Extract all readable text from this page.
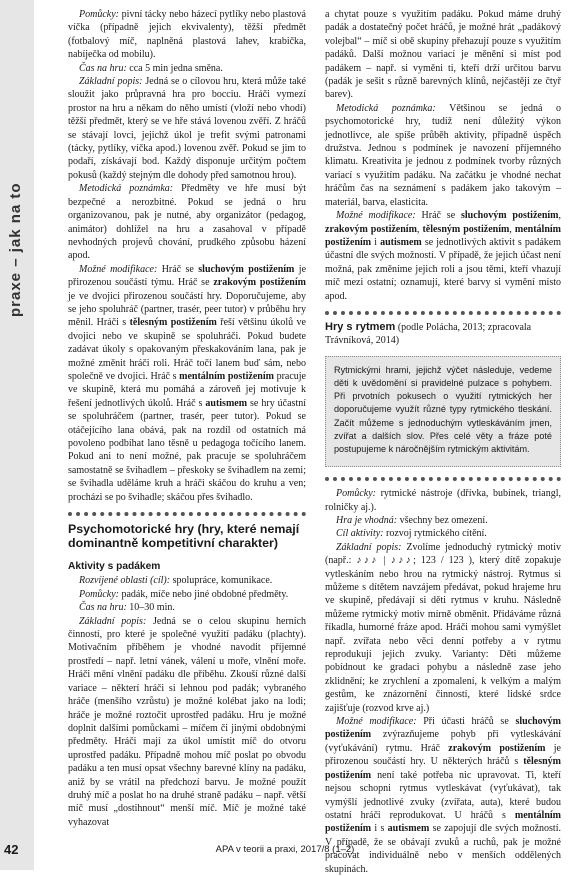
praxe – jak na to

Pomůcky: pivní tácky nebo házecí pytlíky nebo plastová víčka (případně jejich ekvivalenty), těžší předmět (fotbalový míč, naplněná plastová lahev, krabička, nabíječka od mobilu).

Čas na hru: cca 5 min jedna směna.

Základní popis: Jedná se o cílovou hru, která může také sloužit jako průpravná hra pro bocciu. Hráči vymezí prostor na hru a někam do něho umístí (vloží nebo vhodí) těžší předmět, který se ve hře stává lovenou zvěří. Z hráčů se stávají lovci, jejichž úkol je trefit svými patronami (tácky, pytlíky, víčka apod.) lovenou zvěř. Pokud se jim to podaří, získávají bod. Každý disponuje určitým počtem pokusů (každý stejným dle dohody před samotnou hrou).

Metodická poznámka: Předměty ve hře musí být bezpečné a nerozbitné. Pokud se jedná o hru organizovanou, pak je nutné, aby organizátor (pedagog, animátor) dohlížel na hru a zasahoval v případě nevhodných projevů chování, prudkého způsobu házení apod.

Možné modifikace: Hráč se sluchovým postižením je přirozenou součástí týmu. Hráč se zrakovým postižením je ve dvojici přirozenou součástí hry. Doporučujeme, aby se jeho spoluhráč (partner, trasér, peer tutor) v průběhu hry měnil. Hráči s tělesným postižením řeší většinu úkolů ve dvojici nebo ve skupině se spoluhráči. Pokud budete zadávat úkoly s opakovaným přeskakováním lana, pak je možné změnit hráči roli. Hráč točí lanem buď sám, nebo společně ve dvojici. Hráč s mentálním postižením pracuje ve skupině, která mu pomáhá a zároveň jej motivuje k řešení jednotlivých úkolů. Hráč s autismem se hry účastní se spoluhráčem (partner, trasér, peer tutor). Pokud se otáčejícího lana obává, pak na rozdíl od ostatních má povoleno podbíhat lano těsně u pedagoga točícího lanem. Pokud ani to není možné, pak pracuje se spoluhráčem samostatně se švihadlem – přeskoky se švihadlem na zemi; se švihadla uděláme kruh a hráči skáčou do kruhu a ven; procházi se po švihadle; skáčou přes švihadlo.

Psychomotorické hry (hry, které nemají dominantně kompetitivní charakter)
Aktivity s padákem

Rozvíjené oblasti (cíl): spolupráce, komunikace.

Pomůcky: padák, míče nebo jiné obdobné předměty.

Čas na hru: 10–30 min.

Základní popis: Jedná se o celou skupinu herních činností, pro které je společné využití padáku (plachty). Motivačním příběhem je vhodné navodit příjemné prostředí – např. letní vánek, válení u moře, vlnění moře. Hráči mění vlnění padáku dle příběhu. Zkouší různé další variace – některí hráči si lehnou pod padák; vybraného hráče (menšího vzrůstu) je možné kolébat jako na lodi; hráče je možné roztočit uprostřed padáku. Hru je možné doplnit dalšími pomůckami – míčem či jinými obdobnými předměty. Hráči mají za úkol umístit míč do otvoru uprostřed padáku. Případně mohou míč poslat po obvodu padáku a ten musí opsat všechny barevné klíny na padáku, aniž by se vrátil na předchozí barvu. Je možné použít druhý míč a poslat ho na druhé straně padáku – např. větší míč musí „dostihnout“ menší míč. Míč je možné také vyhazovat

a chytat pouze s využitím padáku. Pokud máme druhý padák a dostatečný počet hráčů, je možné hrát „padákový volejbal“ – míč si obě skupiny přehazují pouze s využitím padáků. Další možnou variací je měnění si míst pod padákem – např. si vyměni ti, kteří drží určitou barvu (padák je sešit s různě barevných klínů, nejčastěji ze čtyř barev).

Metodická poznámka: Většinou se jedná o psychomotorické hry, tudíž není důležitý výkon jednotlivce, ale spíše průběh aktivity, případně úspěch družstva. Jednou s podmínek je navození příjemného klimatu. Kreativita je jednou z podmínek tvorby různých variací s využitím padáku. Na začátku je vhodné nechat hráčům čas na seznámení s padákem jako takovým – materiál, barva, elasticita.

Možné modifikace: Hráč se sluchovým postižením, zrakovým postižením, tělesným postižením, mentálním postižením i autismem se jednotlivých aktivit s padákem účastní dle svých možností. V případě, že jejich účast není možná, pak změníme jejich roli a jsou těmi, kteří vhazují míč mezi ostatní; oznamují, které barvy si vymění místo apod.

Hry s rytmem (podle Polácha, 2013; zpracovala Trávníková, 2014)
Rytmickými hrami, jejichž výčet následuje, vedeme děti k uvědomění si pravidelné pulzace s pohybem. Při prvotních pokusech o využití rytmických her doporučujeme využít různé typy rytmického tleskání. Začít můžeme s jednoduchým vytleskáváním jmen, zvířat a dalších slov. Přes celé věty a fráze poté postupujeme k náročnějším rytmickým aktivitám.

Pomůcky: rytmické nástroje (dřívka, bubínek, triangl, rolničky aj.).

Hra je vhodná: všechny bez omezení.

Cíl aktivity: rozvoj rytmického cítění.

Základní popis: Zvolíme jednoduchý rytmický motiv (např.: ♪♪♪ | ♪♪♪; 123 / 123 ), který dítě zopakuje vytleskáním nebo hrou na rytmický nástroj. Rytmus si můžeme s dítětem navzájem předávat, pokud hrajeme hru ve skupině, předávají si děti rytmus v kruhu. Následně můžeme rytmický motiv mírně obměnit. Přidáváme různá říkadla, humorné fráze apod. Hráči mohou sami vymýšlet např. zvířata nebo věci denní potřeby a v rytmu reprodukují jejich zvuky. Varianty: Děti můžeme pobídnout ke gradaci pohybu a následně zase jeho zklidnění; ke zrychlení a zpomalení, k velkým a malým gestům, ke znázornění činností, které lidské srdce zajišťuje (rozvod krve aj.)

Možné modifikace: Při účasti hráčů se sluchovým postižením zvýrazňujeme pohyb při vytleskávání (vyťukávání) rytmu. Hráč zrakovým postižením je přirozenou součástí hry. U některých hráčů s tělesným postižením není také potřeba nic upravovat. Ti, kteří nejsou schopni rytmus vytleskávat (vyťukávat), tak vymýšlí jednotlivé zvuky (zvířata, auta), které budou ostatní hráči reprodukovat. U hráčů s mentálním postižením i s autismem se zapojují dle svých možností. V případě, že se obávají zvuků a ruchů, pak je možné pracovat individuálně nebo v menších oddělených skupinách.

42	APA v teorii a praxi, 2017/8 (1–2)
